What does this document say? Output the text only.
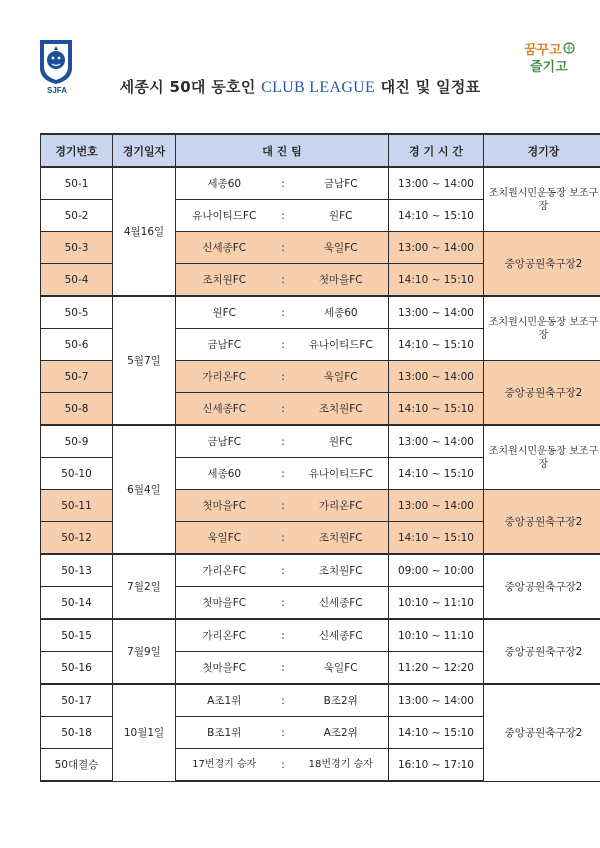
SJFA
꿈꾸고
즐기고
세종시 50대 동호인 CLUB LEAGUE 대진 및 일정표
경기번호	경기일자	대 진 팀			경 기 시 간	경기장
50-1	4월16일	세종60	:	금남FC	13:00 ~ 14:00	조치원시민운동장 보조구장
50-2		유나이티드FC	:	원FC	14:10 ~ 15:10	
50-3		신세종FC	:	욱일FC	13:00 ~ 14:00	중앙공원축구장2
50-4		조치원FC	:	첫마을FC	14:10 ~ 15:10	
50-5	5월7일	원FC	:	세종60	13:00 ~ 14:00	조치원시민운동장 보조구장
50-6		금남FC	:	유나이티드FC	14:10 ~ 15:10	
50-7		가리온FC	:	욱일FC	13:00 ~ 14:00	중앙공원축구장2
50-8		신세종FC	:	조치원FC	14:10 ~ 15:10	
50-9	6월4일	금남FC	:	원FC	13:00 ~ 14:00	조치원시민운동장 보조구장
50-10		세종60	:	유나이티드FC	14:10 ~ 15:10	
50-11		첫마을FC	:	가리온FC	13:00 ~ 14:00	중앙공원축구장2
50-12		욱일FC	:	조치원FC	14:10 ~ 15:10	
50-13	7월2일	가리온FC	:	조치원FC	09:00 ~ 10:00	중앙공원축구장2
50-14		첫마을FC	:	신세종FC	10:10 ~ 11:10	
50-15	7월9일	가리온FC	:	신세종FC	10:10 ~ 11:10	중앙공원축구장2
50-16		첫마을FC	:	욱일FC	11:20 ~ 12:20	
50-17	10월1일	A조1위	:	B조2위	13:00 ~ 14:00	중앙공원축구장2
50-18		B조1위	:	A조2위	14:10 ~ 15:10	
50대결승		17번경기 승자	:	18번경기 승자	16:10 ~ 17:10	
